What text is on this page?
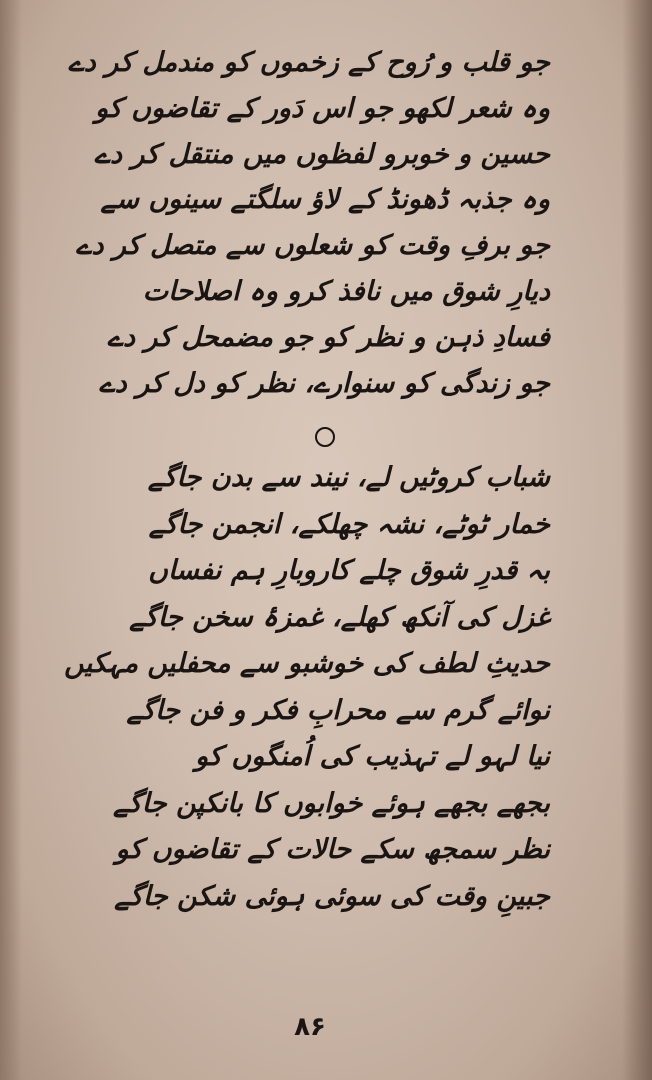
جو قلب و رُوح کے زخموں کو مندمل کر دے
وہ شعر لکھو جو اس دَور کے تقاضوں کو
حسین و خوبرو لفظوں میں منتقل کر دے
وہ جذبہ ڈھونڈ کے لاؤ سلگتے سینوں سے
جو برفِ وقت کو شعلوں سے متصل کر دے
دیارِ شوق میں نافذ کرو وہ اصلاحات
فسادِ ذہن و نظر کو جو مضمحل کر دے
جو زندگی کو سنوارے، نظر کو دل کر دے
شباب کروٹیں لے، نیند سے بدن جاگے
خمار ٹوٹے، نشہ چھلکے، انجمن جاگے
بہ قدرِ شوق چلے کاروبارِ ہم نفساں
غزل کی آنکھ کھلے، غمزۂ سخن جاگے
حدیثِ لطف کی خوشبو سے محفلیں مہکیں
نوائے گرم سے محرابِ فکر و فن جاگے
نیا لہو لے تہذیب کی اُمنگوں کو
بجھے بجھے ہوئے خوابوں کا بانکپن جاگے
نظر سمجھ سکے حالات کے تقاضوں کو
جبینِ وقت کی سوئی ہوئی شکن جاگے
۸۶
